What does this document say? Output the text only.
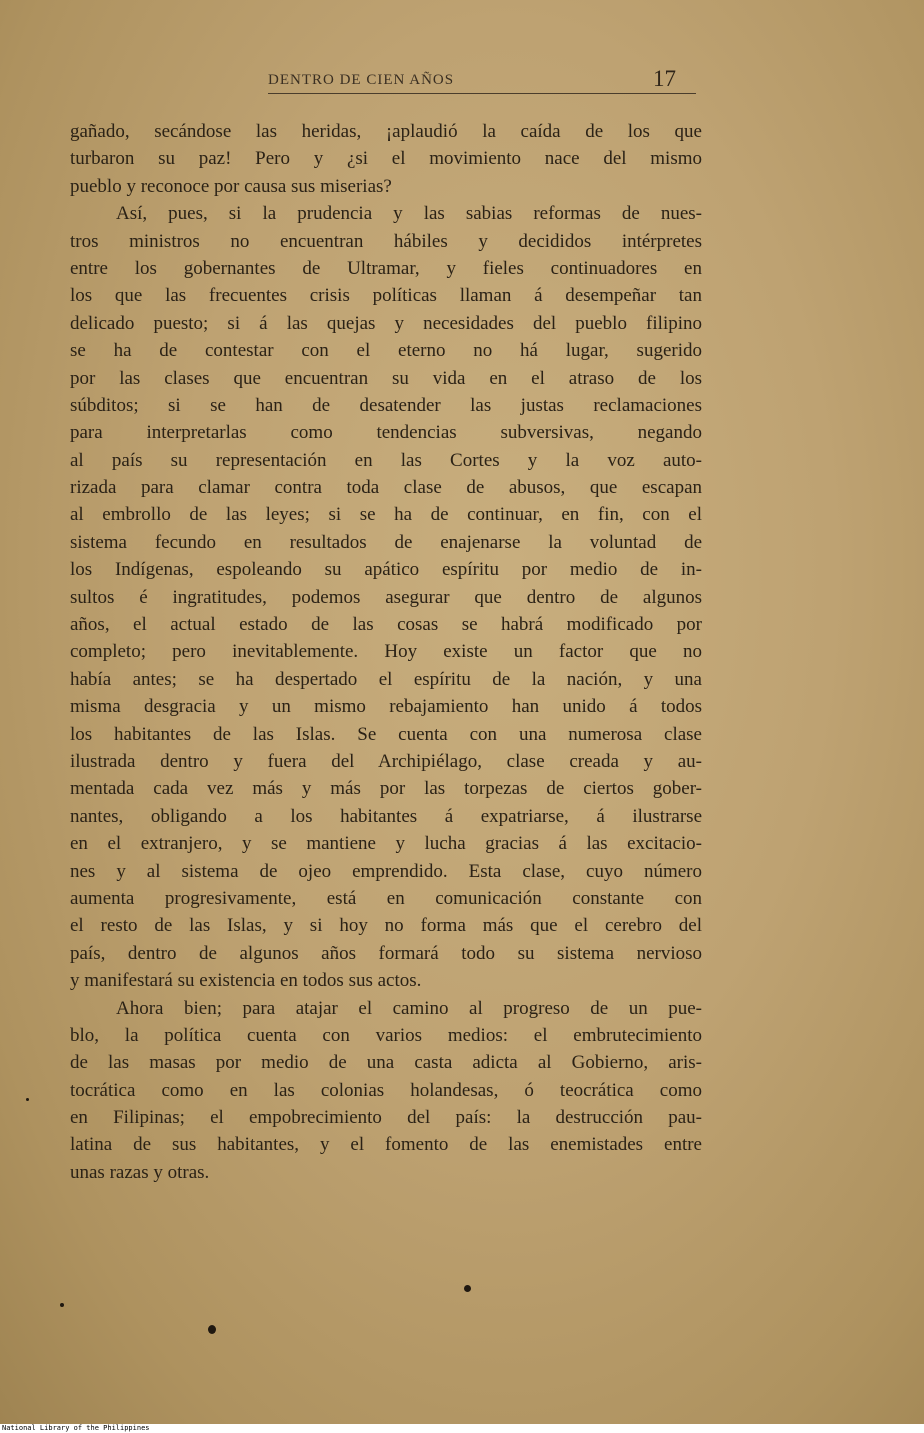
DENTRO DE CIEN AÑOS	17
gañado, secándose las heridas, ¡aplaudió la caída de los que
turbaron su paz! Pero y ¿si el movimiento nace del mismo
pueblo y reconoce por causa sus miserias?
Así, pues, si la prudencia y las sabias reformas de nues-
tros ministros no encuentran hábiles y decididos intérpretes
entre los gobernantes de Ultramar, y fieles continuadores en
los que las frecuentes crisis políticas llaman á desempeñar tan
delicado puesto; si á las quejas y necesidades del pueblo filipino
se ha de contestar con el eterno no há lugar, sugerido
por las clases que encuentran su vida en el atraso de los
súbditos; si se han de desatender las justas reclamaciones
para interpretarlas como tendencias subversivas, negando
al país su representación en las Cortes y la voz auto-
rizada para clamar contra toda clase de abusos, que escapan
al embrollo de las leyes; si se ha de continuar, en fin, con el
sistema fecundo en resultados de enajenarse la voluntad de
los Indígenas, espoleando su apático espíritu por medio de in-
sultos é ingratitudes, podemos asegurar que dentro de algunos
años, el actual estado de las cosas se habrá modificado por
completo; pero inevitablemente. Hoy existe un factor que no
había antes; se ha despertado el espíritu de la nación, y una
misma desgracia y un mismo rebajamiento han unido á todos
los habitantes de las Islas. Se cuenta con una numerosa clase
ilustrada dentro y fuera del Archipiélago, clase creada y au-
mentada cada vez más y más por las torpezas de ciertos gober-
nantes, obligando a los habitantes á expatriarse, á ilustrarse
en el extranjero, y se mantiene y lucha gracias á las excitacio-
nes y al sistema de ojeo emprendido. Esta clase, cuyo número
aumenta progresivamente, está en comunicación constante con
el resto de las Islas, y si hoy no forma más que el cerebro del
país, dentro de algunos años formará todo su sistema nervioso
y manifestará su existencia en todos sus actos.
Ahora bien; para atajar el camino al progreso de un pue-
blo, la política cuenta con varios medios: el embrutecimiento
de las masas por medio de una casta adicta al Gobierno, aris-
tocrática como en las colonias holandesas, ó teocrática como
en Filipinas; el empobrecimiento del país: la destrucción pau-
latina de sus habitantes, y el fomento de las enemistades entre
unas razas y otras.
National Library of the Philippines
